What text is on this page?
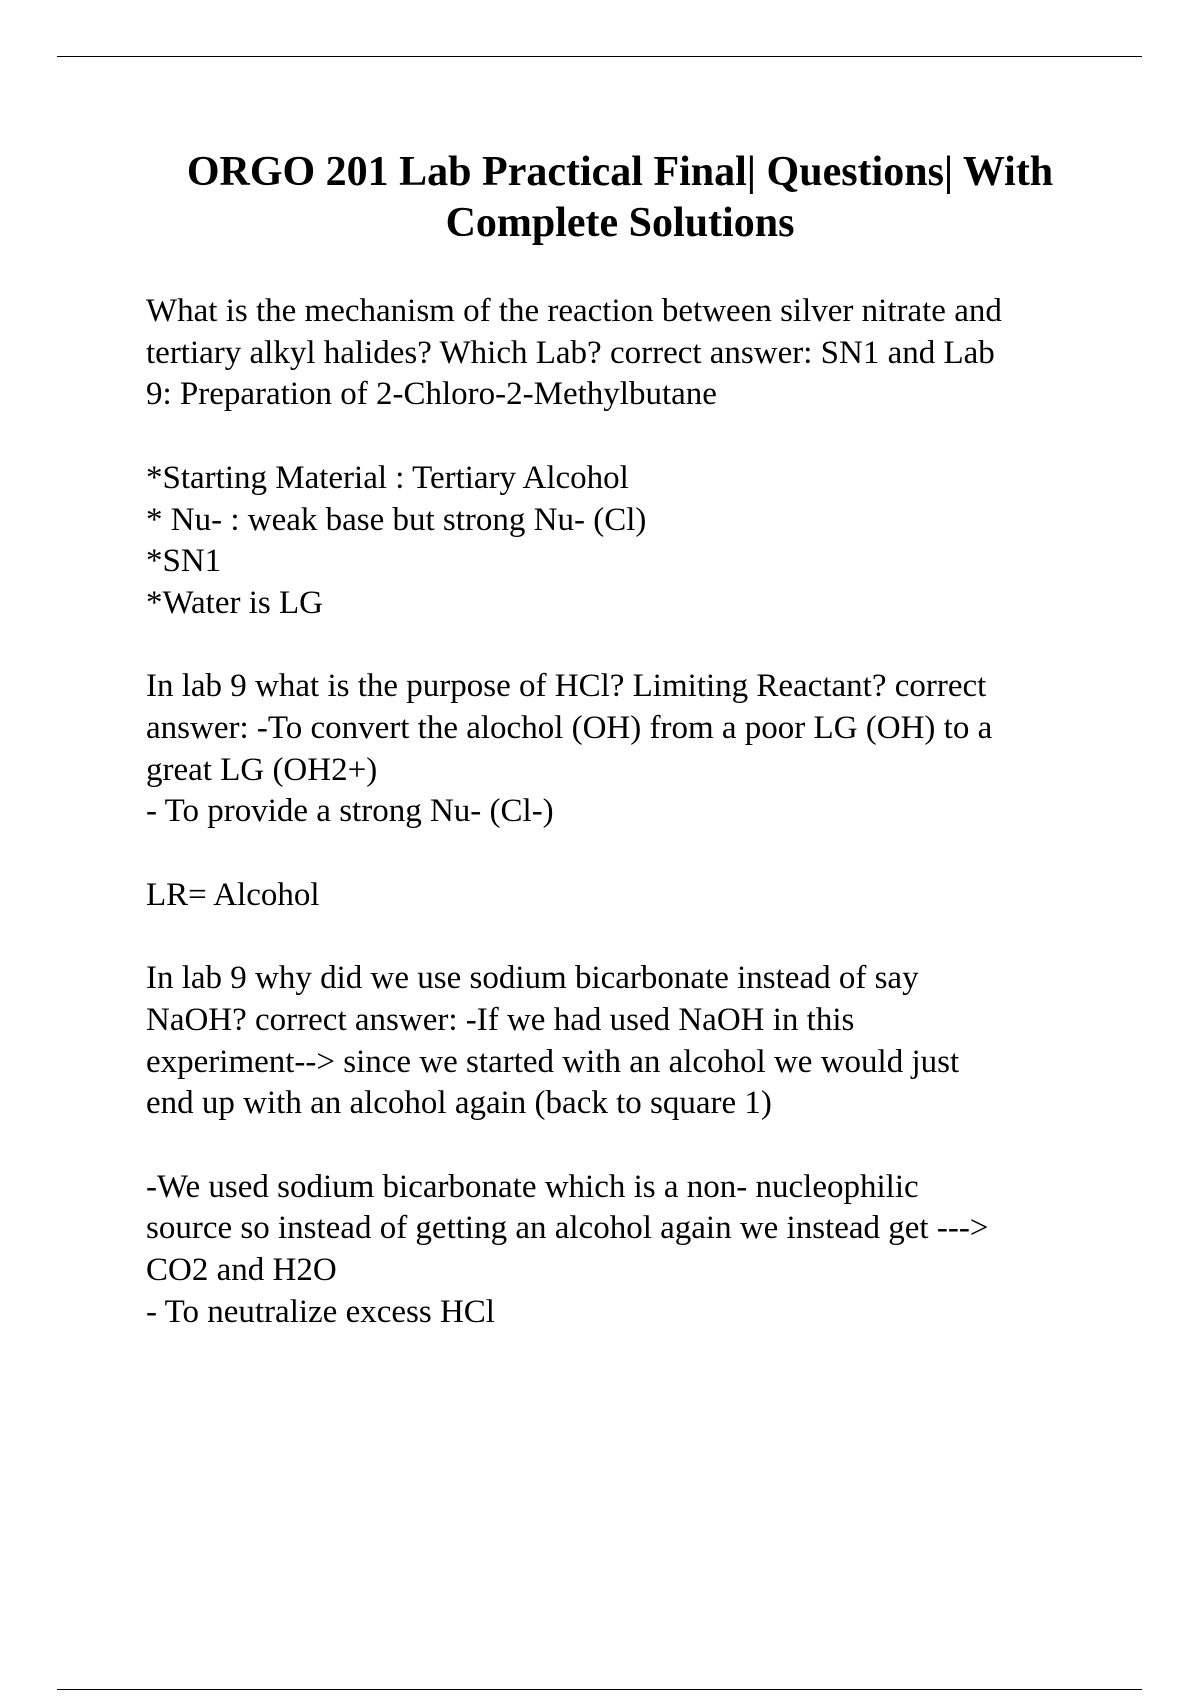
ORGO 201 Lab Practical Final| Questions| With
Complete Solutions

What is the mechanism of the reaction between silver nitrate and
tertiary alkyl halides? Which Lab? correct answer: SN1 and Lab
9: Preparation of 2-Chloro-2-Methylbutane

*Starting Material : Tertiary Alcohol
* Nu- : weak base but strong Nu- (Cl)
*SN1
*Water is LG

In lab 9 what is the purpose of HCl? Limiting Reactant? correct
answer: -To convert the alochol (OH) from a poor LG (OH) to a
great LG (OH2+)
- To provide a strong Nu- (Cl-)

LR= Alcohol

In lab 9 why did we use sodium bicarbonate instead of say
NaOH? correct answer: -If we had used NaOH in this
experiment--> since we started with an alcohol we would just
end up with an alcohol again (back to square 1)

-We used sodium bicarbonate which is a non- nucleophilic
source so instead of getting an alcohol again we instead get --->
CO2 and H2O
- To neutralize excess HCl
